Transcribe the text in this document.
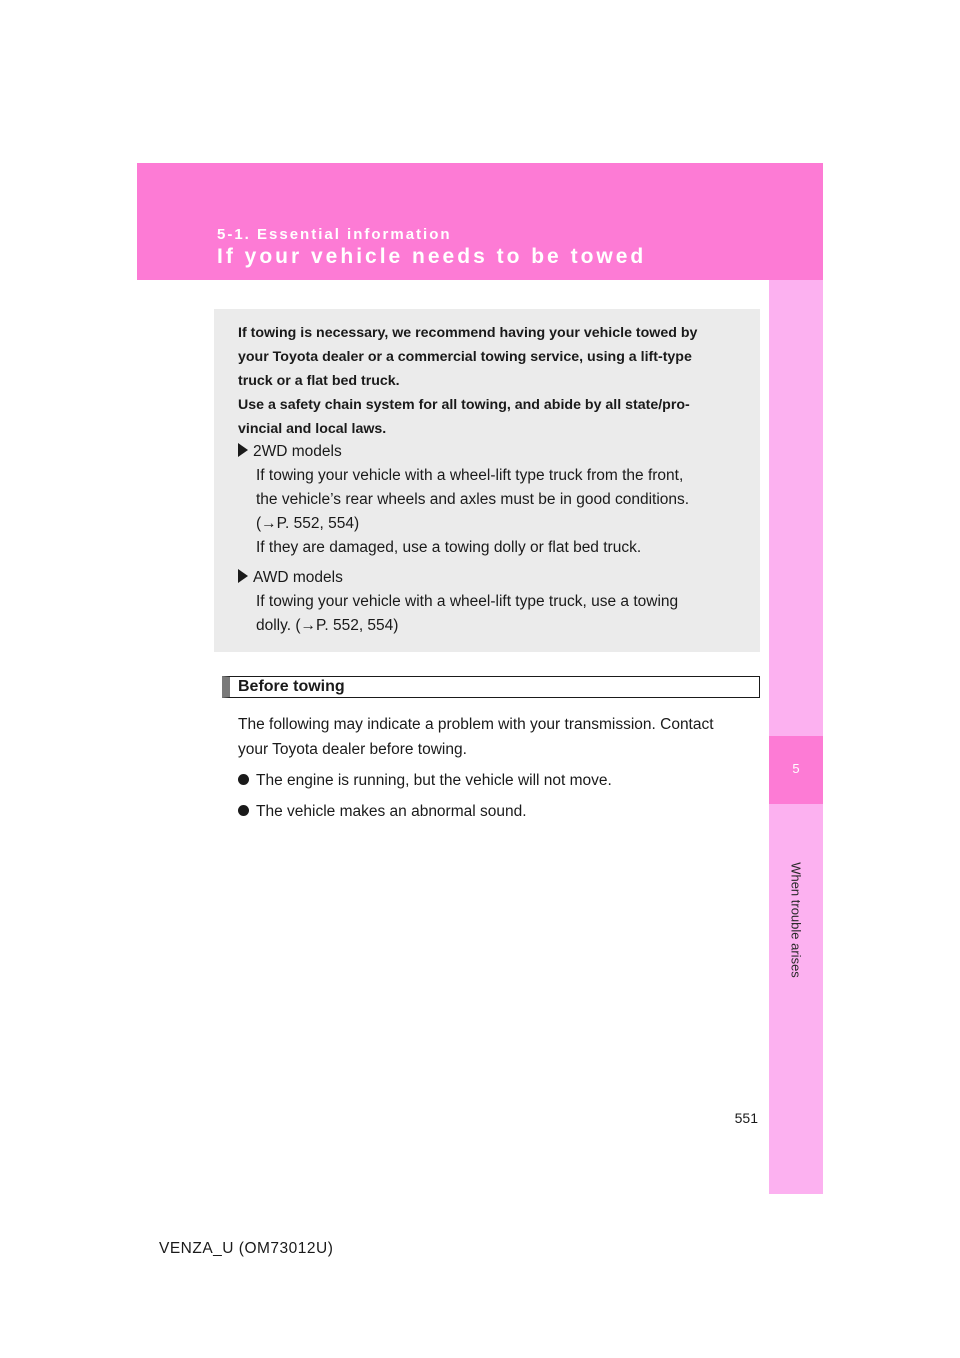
5-1. Essential information
If your vehicle needs to be towed
5
When trouble arises

If towing is necessary, we recommend having your vehicle towed by
your Toyota dealer or a commercial towing service, using a lift-type
truck or a flat bed truck.
Use a safety chain system for all towing, and abide by all state/pro-
vincial and local laws.

2WD models
If towing your vehicle with a wheel-lift type truck from the front,
the vehicle’s rear wheels and axles must be in good conditions.
(→P. 552, 554)
If they are damaged, use a towing dolly or flat bed truck.
AWD models
If towing your vehicle with a wheel-lift type truck, use a towing
dolly. (→P. 552, 554)
Before towing

The following may indicate a problem with your transmission. Contact
your Toyota dealer before towing.

The engine is running, but the vehicle will not move.
The vehicle makes an abnormal sound.
551
VENZA_U (OM73012U)
